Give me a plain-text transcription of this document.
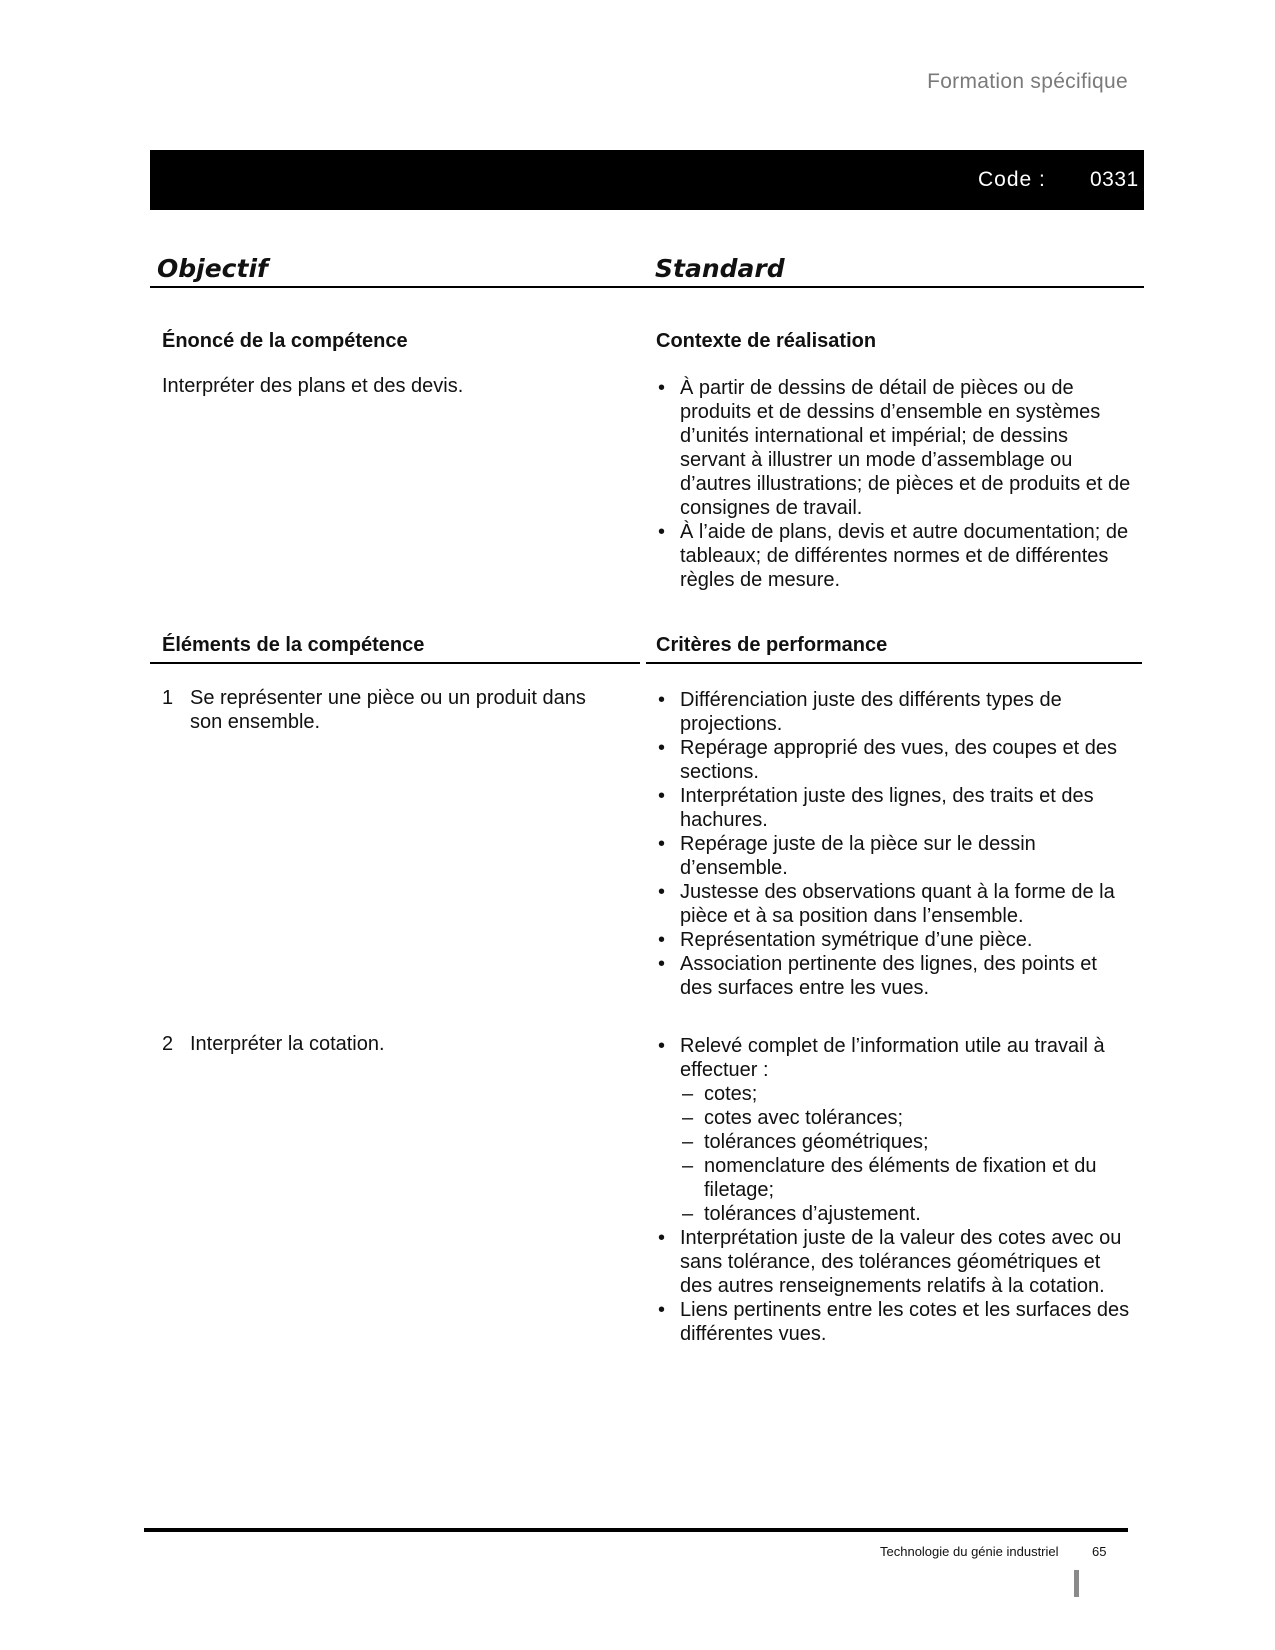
Formation spécifique
Code : 0331
Objectif	Standard
Énoncé de la compétence
Interpréter des plans et des devis.
Contexte de réalisation
• À partir de dessins de détail de pièces ou de produits et de dessins d’ensemble en systèmes d’unités international et impérial; de dessins servant à illustrer un mode d’assemblage ou d’autres illustrations; de pièces et de produits et de consignes de travail.
• À l’aide de plans, devis et autre documentation; de tableaux; de différentes normes et de différentes règles de mesure.
Éléments de la compétence	Critères de performance
1 Se représenter une pièce ou un produit dans son ensemble.
• Différenciation juste des différents types de projections.
• Repérage approprié des vues, des coupes et des sections.
• Interprétation juste des lignes, des traits et des hachures.
• Repérage juste de la pièce sur le dessin d’ensemble.
• Justesse des observations quant à la forme de la pièce et à sa position dans l’ensemble.
• Représentation symétrique d’une pièce.
• Association pertinente des lignes, des points et des surfaces entre les vues.
2 Interpréter la cotation.
•	Relevé complet de l’information utile au travail à effectuer :
– cotes;
– cotes avec tolérances;
– tolérances géométriques;
– nomenclature des éléments de fixation et du filetage;
– tolérances d’ajustement.
• Interprétation juste de la valeur des cotes avec ou sans tolérance, des tolérances géométriques et des autres renseignements relatifs à la cotation.
• Liens pertinents entre les cotes et les surfaces des différentes vues.
Technologie du génie industriel	65
